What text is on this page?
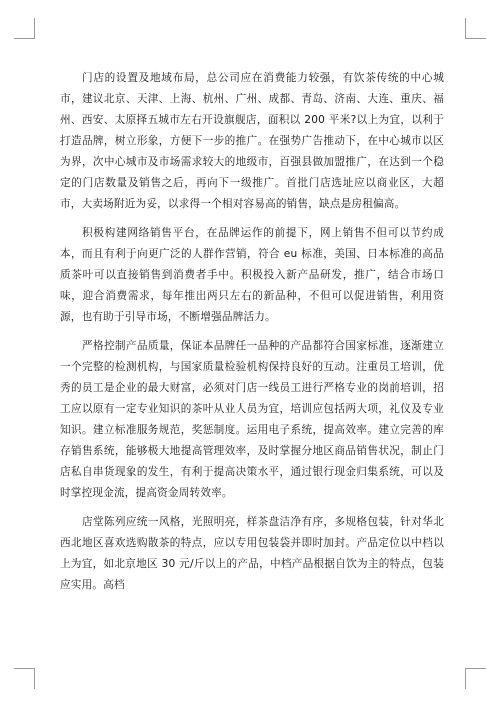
门店的设置及地域布局，总公司应在消费能力较强，有饮茶传统的中心城市，建议北京、天津、上海、杭州、广州、成都、青岛、济南、大连、重庆、福州、西安、太原择五城市左右开设旗舰店，面积以 200 平米?以上为宜，以利于打造品牌，树立形象，方便下一步的推广。在强势广告推动下，在中心城市以区为界，次中心城市及市场需求较大的地级市，百强县做加盟推广，在达到一个稳定的门店数量及销售之后，再向下一级推广。首批门店选址应以商业区，大超市，大卖场附近为妥，以求得一个相对容易高的销售，缺点是房租偏高。

积极构建网络销售平台，在品牌运作的前提下，网上销售不但可以节约成本，而且有利于向更广泛的人群作营销，符合 eu 标准，美国、日本标准的高品质茶叶可以直接销售到消费者手中。积极投入新产品研发，推广，结合市场口味，迎合消费需求，每年推出两只左右的新品种，不但可以促进销售，利用资源，也有助于引导市场，不断增强品牌活力。

严格控制产品质量，保证本品牌任一品种的产品都符合国家标准，逐渐建立一个完整的检测机构，与国家质量检验机构保持良好的互动。注重员工培训，优秀的员工是企业的最大财富，必须对门店一线员工进行严格专业的岗前培训，招工应以原有一定专业知识的茶叶从业人员为宜，培训应包括两大项，礼仪及专业知识。建立标准服务规范，奖惩制度。运用电子系统，提高效率。建立完善的库存销售系统，能够极大地提高管理效率，及时掌握分地区商品销售状况，制止门店私自串货现象的发生，有利于提高决策水平，通过银行现金归集系统，可以及时掌控现金流，提高资金周转效率。

店堂陈列应统一风格，光照明亮，样茶盘洁净有序，多规格包装，针对华北西北地区喜欢选购散茶的特点，应以专用包装袋并即时加封。产品定位以中档以上为宜，如北京地区 30 元/斤以上的产品，中档产品根据自饮为主的特点，包装应实用。高档
